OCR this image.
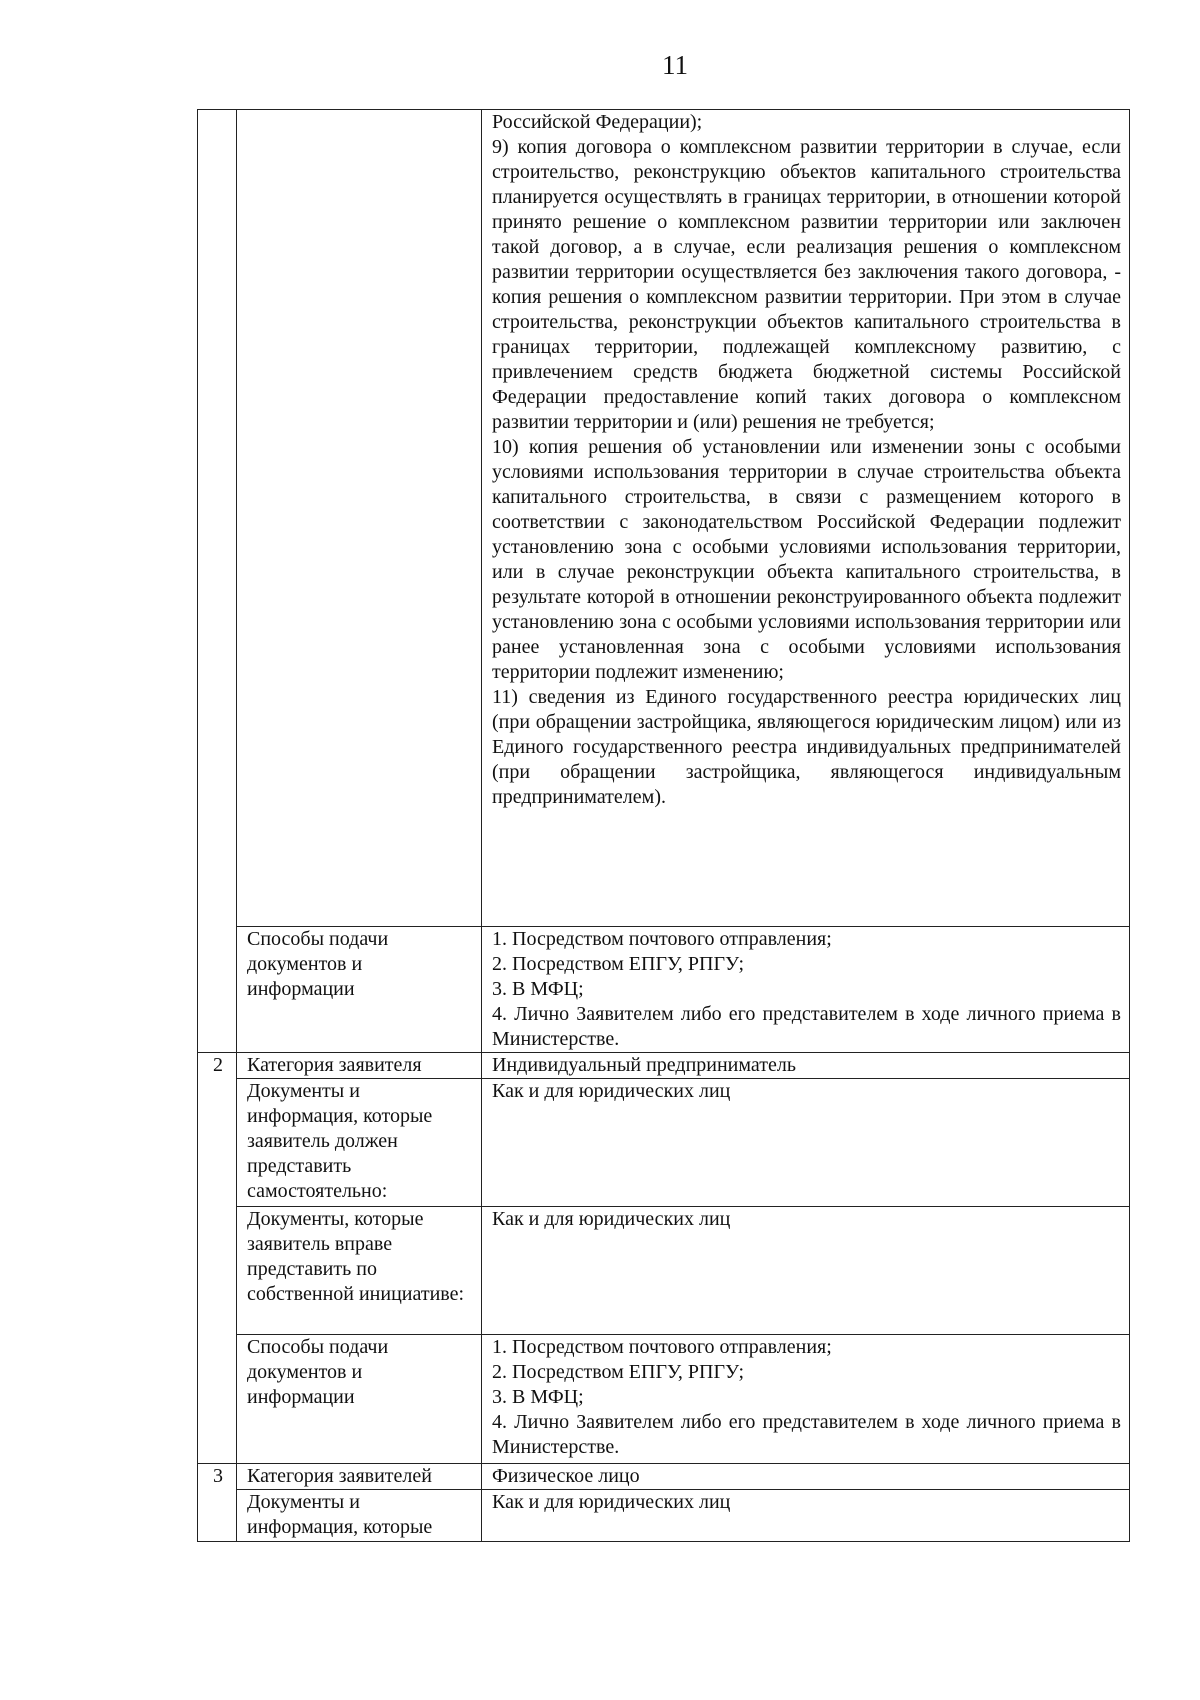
11

		Российской Федерации);

9) копия договора о комплексном развитии территории в случае, если строительство, реконструкцию объектов капитального строительства планируется осуществлять в границах территории, в отношении которой принято решение о комплексном развитии территории или заключен такой договор, а в случае, если реализация решения о комплексном развитии территории осуществляется без заключения такого договора, - копия решения о комплексном развитии территории. При этом в случае строительства, реконструкции объектов капитального строительства в границах территории, подлежащей комплексному развитию, с привлечением средств бюджета бюджетной системы Российской Федерации предоставление копий таких договора о комплексном развитии территории и (или) решения не требуется;

10) копия решения об установлении или изменении зоны с особыми условиями использования территории в случае строительства объекта капитального строительства, в связи с размещением которого в соответствии с законодательством Российской Федерации подлежит установлению зона с особыми условиями использования территории, или в случае реконструкции объекта капитального строительства, в результате которой в отношении реконструированного объекта подлежит установлению зона с особыми условиями использования территории или ранее установленная зона с особыми условиями использования территории подлежит изменению;

11) сведения из Единого государственного реестра юридических лиц (при обращении застройщика, являющегося юридическим лицом) или из Единого государственного реестра индивидуальных предпринимателей (при обращении застройщика, являющегося индивидуальным предпринимателем).

	Способы подачи документов и информации	1. Посредством почтового отправления;

2. Посредством ЕПГУ, РПГУ;

3. В МФЦ;

4. Лично Заявителем либо его представителем в ходе личного приема в Министерстве.

2	Категория заявителя	Индивидуальный предприниматель
	Документы и информация, которые заявитель должен представить самостоятельно:	Как и для юридических лиц
	Документы, которые заявитель вправе представить по собственной инициативе:	Как и для юридических лиц
	Способы подачи документов и информации	1. Посредством почтового отправления;

2. Посредством ЕПГУ, РПГУ;

3. В МФЦ;

4. Лично Заявителем либо его представителем в ходе личного приема в Министерстве.

3	Категория заявителей	Физическое лицо
	Документы и информация, которые	Как и для юридических лиц
